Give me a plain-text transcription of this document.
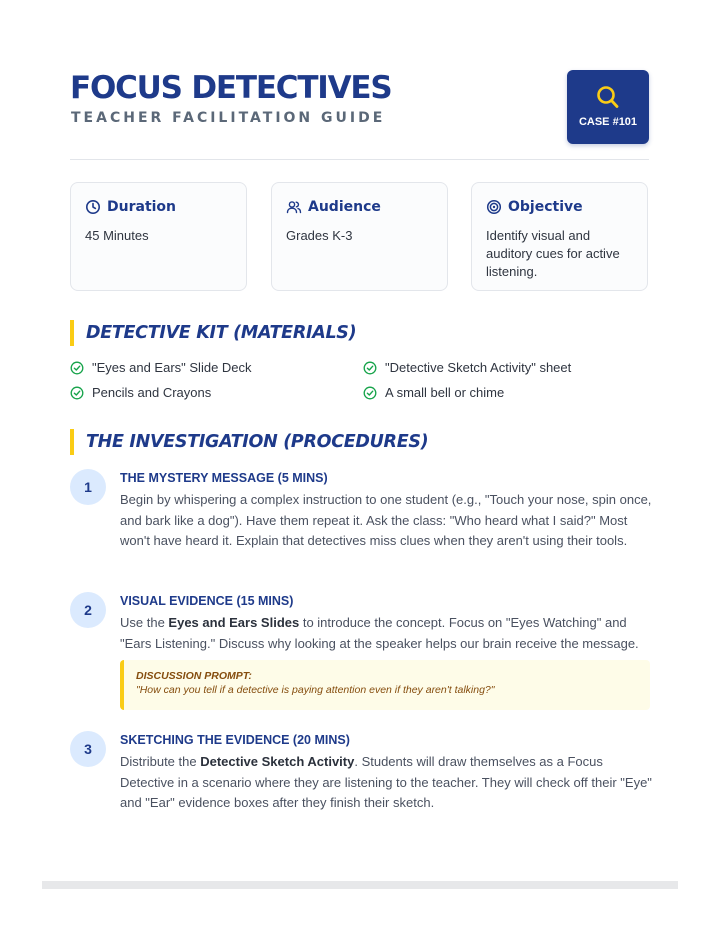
FOCUS DETECTIVES
TEACHER FACILITATION GUIDE	CASE #101
Duration
45 Minutes
Audience
Grades K-3
Objective
Identify visual and auditory cues for active listening.
DETECTIVE KIT (MATERIALS)
"Eyes and Ears" Slide Deck	"Detective Sketch Activity" sheet
Pencils and Crayons	A small bell or chime
THE INVESTIGATION (PROCEDURES)
1
THE MYSTERY MESSAGE (5 MINS)
Begin by whispering a complex instruction to one student (e.g., "Touch your nose, spin once, and bark like a dog"). Have them repeat it. Ask the class: "Who heard what I said?" Most won't have heard it. Explain that detectives miss clues when they aren't using their tools.
2
VISUAL EVIDENCE (15 MINS)
Use the Eyes and Ears Slides to introduce the concept. Focus on "Eyes Watching" and "Ears Listening." Discuss why looking at the speaker helps our brain receive the message.
DISCUSSION PROMPT:
"How can you tell if a detective is paying attention even if they aren't talking?"
3
SKETCHING THE EVIDENCE (20 MINS)
Distribute the Detective Sketch Activity. Students will draw themselves as a Focus Detective in a scenario where they are listening to the teacher. They will check off their "Eye" and "Ear" evidence boxes after they finish their sketch.
